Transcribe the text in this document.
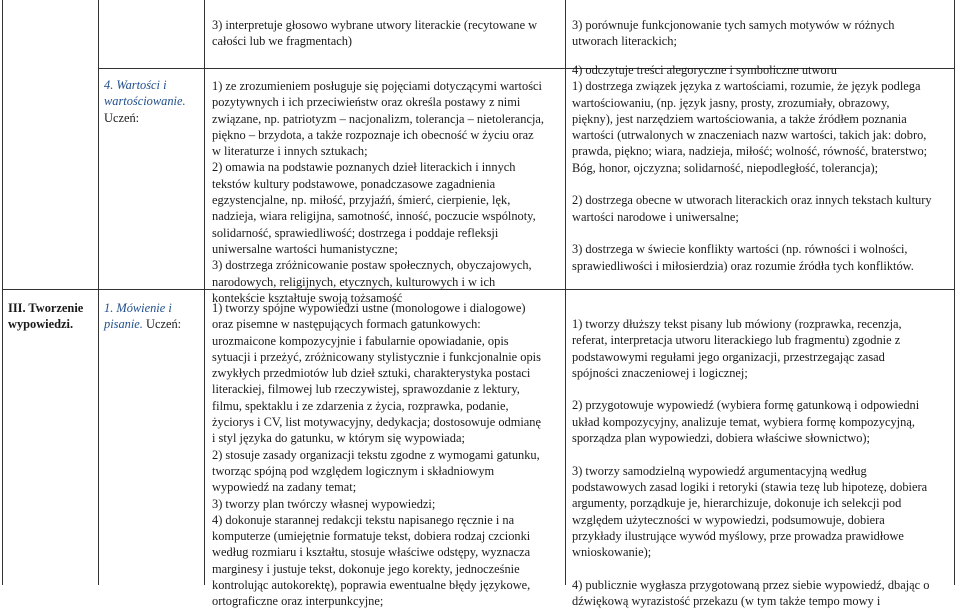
3) interpretuje głosowo wybrane utwory literackie (recytowane w

całości lub we fragmentach)

3) porównuje funkcjonowanie tych samych motywów w różnych

utworach literackich;

4. Wartości i

wartościowanie.

Uczeń:

1) ze zrozumieniem posługuje się pojęciami dotyczącymi wartości

pozytywnych i ich przeciwieństw oraz określa postawy z nimi

związane, np. patriotyzm – nacjonalizm, tolerancja – nietolerancja,

piękno – brzydota, a także rozpoznaje ich obecność w życiu oraz

w literaturze i innych sztukach;

2) omawia na podstawie poznanych dzieł literackich i innych

tekstów kultury podstawowe, ponadczasowe zagadnienia

egzystencjalne, np. miłość, przyjaźń, śmierć, cierpienie, lęk,

nadzieja, wiara religijna, samotność, inność, poczucie wspólnoty,

solidarność, sprawiedliwość; dostrzega i poddaje refleksji

uniwersalne wartości humanistyczne;

3) dostrzega zróżnicowanie postaw społecznych, obyczajowych,

narodowych, religijnych, etycznych, kulturowych i w ich

kontekście kształtuje swoją tożsamość

4) odczytuje treści alegoryczne i symboliczne utworu

1) dostrzega związek języka z wartościami, rozumie, że język podlega

wartościowaniu, (np. język jasny, prosty, zrozumiały, obrazowy,

piękny), jest narzędziem wartościowania, a także źródłem poznania

wartości (utrwalonych w znaczeniach nazw wartości, takich jak: dobro,

prawda, piękno; wiara, nadzieja, miłość; wolność, równość, braterstwo;

Bóg, honor, ojczyzna; solidarność, niepodległość, tolerancja);

2) dostrzega obecne w utworach literackich oraz innych tekstach kultury

wartości narodowe i uniwersalne;

3) dostrzega w świecie konflikty wartości (np. równości i wolności,

sprawiedliwości i miłosierdzia) oraz rozumie źródła tych konfliktów.

III. Tworzenie

wypowiedzi.

1. Mówienie i

pisanie. Uczeń:

1) tworzy spójne wypowiedzi ustne (monologowe i dialogowe)

oraz pisemne w następujących formach gatunkowych:

urozmaicone kompozycyjnie i fabularnie opowiadanie, opis

sytuacji i przeżyć, zróżnicowany stylistycznie i funkcjonalnie opis

zwykłych przedmiotów lub dzieł sztuki, charakterystyka postaci

literackiej, filmowej lub rzeczywistej, sprawozdanie z lektury,

filmu, spektaklu i ze zdarzenia z życia, rozprawka, podanie,

życiorys i CV, list motywacyjny, dedykacja; dostosowuje odmianę

i styl języka do gatunku, w którym się wypowiada;

2) stosuje zasady organizacji tekstu zgodne z wymogami gatunku,

tworząc spójną pod względem logicznym i składniowym

wypowiedź na zadany temat;

3) tworzy plan twórczy własnej wypowiedzi;

4) dokonuje starannej redakcji tekstu napisanego ręcznie i na

komputerze (umiejętnie formatuje tekst, dobiera rodzaj czcionki

według rozmiaru i kształtu, stosuje właściwe odstępy, wyznacza

marginesy i justuje tekst, dokonuje jego korekty, jednocześnie

kontrolując autokorektę), poprawia ewentualne błędy językowe,

ortograficzne oraz interpunkcyjne;

1) tworzy dłuższy tekst pisany lub mówiony (rozprawka, recenzja,

referat, interpretacja utworu literackiego lub fragmentu) zgodnie z

podstawowymi regułami jego organizacji, przestrzegając zasad

spójności znaczeniowej i logicznej;

2) przygotowuje wypowiedź (wybiera formę gatunkową i odpowiedni

układ kompozycyjny, analizuje temat, wybiera formę kompozycyjną,

sporządza plan wypowiedzi, dobiera właściwe słownictwo);

3) tworzy samodzielną wypowiedź argumentacyjną według

podstawowych zasad logiki i retoryki (stawia tezę lub hipotezę, dobiera

argumenty, porządkuje je, hierarchizuje, dokonuje ich selekcji pod

względem użyteczności w wypowiedzi, podsumowuje, dobiera

przykłady ilustrujące wywód myślowy, prze prowadza prawidłowe

wnioskowanie);

4) publicznie wygłasza przygotowaną przez siebie wypowiedź, dbając o

dźwiękową wyrazistość przekazu (w tym także tempo mowy i
